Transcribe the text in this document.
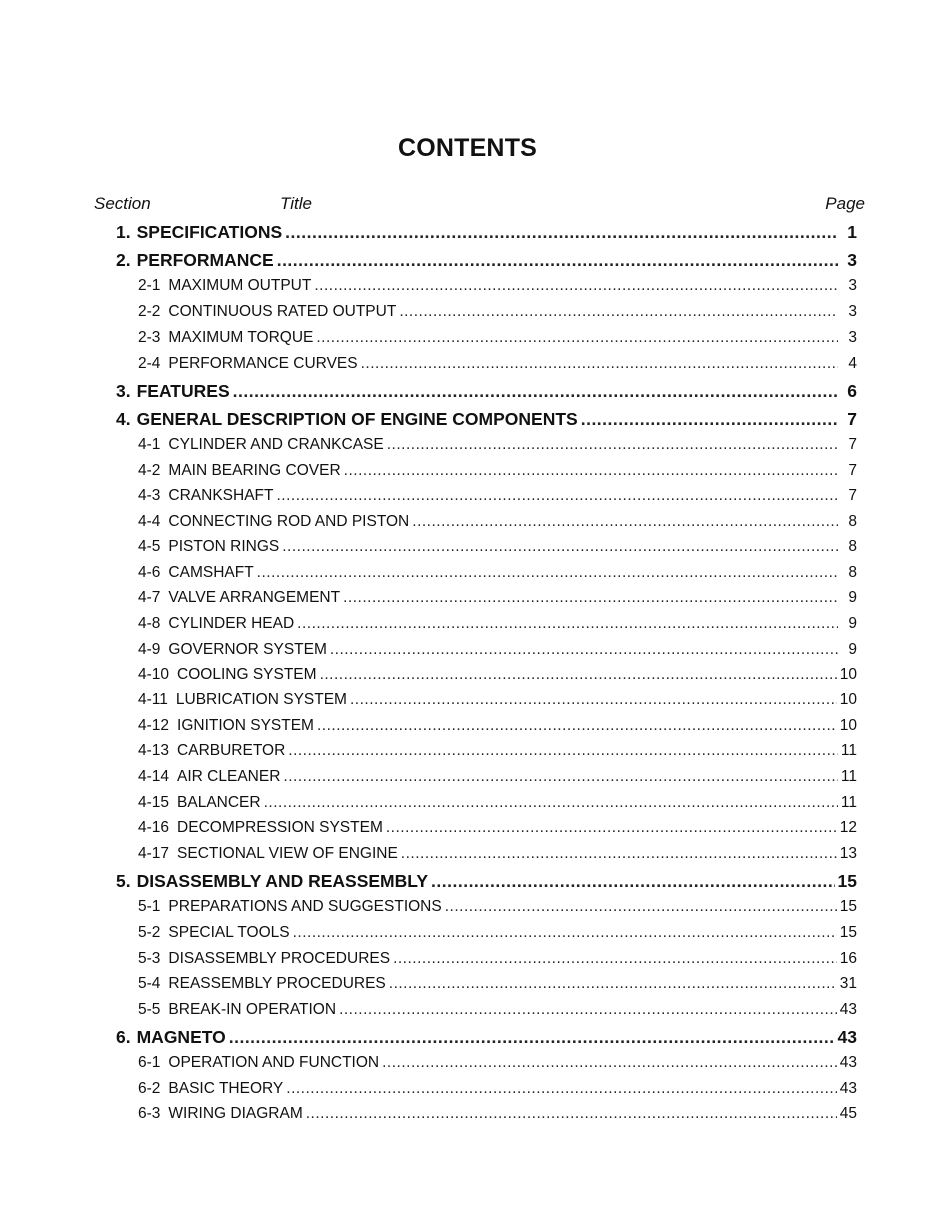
CONTENTS
Section	Title	Page
1. SPECIFICATIONS .....	1
2. PERFORMANCE .....	3
2-1 MAXIMUM OUTPUT .....	3
2-2 CONTINUOUS RATED OUTPUT .....	3
2-3 MAXIMUM TORQUE .....	3
2-4 PERFORMANCE CURVES .....	4
3. FEATURES .....	6
4. GENERAL DESCRIPTION OF ENGINE COMPONENTS .....	7
4-1 CYLINDER AND CRANKCASE .....	7
4-2 MAIN BEARING COVER .....	7
4-3 CRANKSHAFT .....	7
4-4 CONNECTING ROD AND PISTON .....	8
4-5 PISTON RINGS .....	8
4-6 CAMSHAFT .....	8
4-7 VALVE ARRANGEMENT .....	9
4-8 CYLINDER HEAD .....	9
4-9 GOVERNOR SYSTEM .....	9
4-10 COOLING SYSTEM .....	10
4-11 LUBRICATION SYSTEM .....	10
4-12 IGNITION SYSTEM .....	10
4-13 CARBURETOR .....	11
4-14 AIR CLEANER .....	11
4-15 BALANCER .....	11
4-16 DECOMPRESSION SYSTEM .....	12
4-17 SECTIONAL VIEW OF ENGINE .....	13
5. DISASSEMBLY AND REASSEMBLY .....	15
5-1 PREPARATIONS AND SUGGESTIONS .....	15
5-2 SPECIAL TOOLS .....	15
5-3 DISASSEMBLY PROCEDURES .....	16
5-4 REASSEMBLY PROCEDURES .....	31
5-5 BREAK-IN OPERATION .....	43
6. MAGNETO .....	43
6-1 OPERATION AND FUNCTION .....	43
6-2 BASIC THEORY .....	43
6-3 WIRING DIAGRAM .....	45
